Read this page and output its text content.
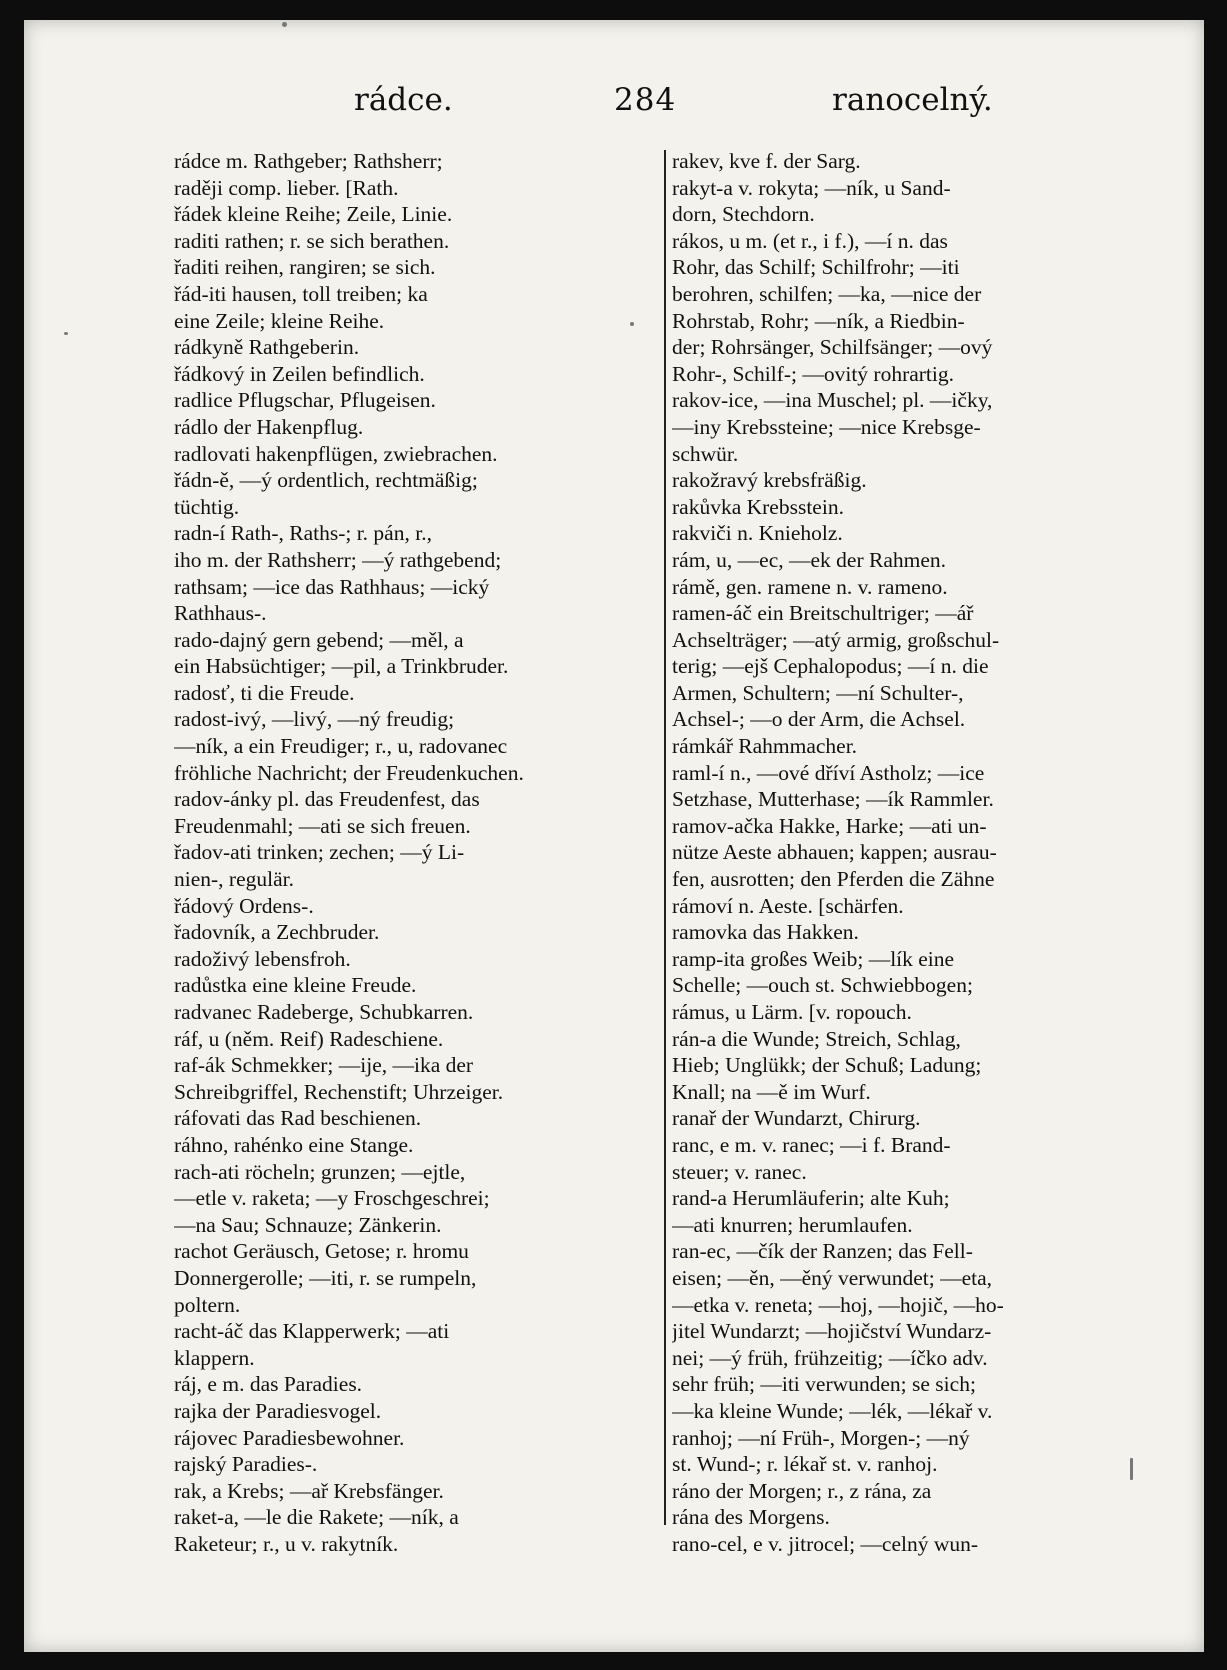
rádce.	284	ranocelný.
rádce m. Rathgeber; Rathsherr;
raději comp. lieber. [Rath.
řádek kleine Reihe; Zeile, Linie.
raditi rathen; r. se sich berathen.
řaditi reihen, rangiren; se sich.
řád-iti hausen, toll treiben; ka
eine Zeile; kleine Reihe.
rádkyně Rathgeberin.
řádkový in Zeilen befindlich.
radlice Pflugschar, Pflugeisen.
rádlo der Hakenpflug.
radlovati hakenpflügen, zwiebrachen.
řádn-ě, —ý ordentlich, rechtmäßig;
tüchtig.
radn-í Rath-, Raths-; r. pán, r.,
iho m. der Rathsherr; —ý rathgebend;
rathsam; —ice das Rathhaus; —ický
Rathhaus-.
rado-dajný gern gebend; —měl, a
ein Habsüchtiger; —pil, a Trinkbruder.
radosť, ti die Freude.
radost-ivý, —livý, —ný freudig;
—ník, a ein Freudiger; r., u, radovanec
fröhliche Nachricht; der Freudenkuchen.
radov-ánky pl. das Freudenfest, das
Freudenmahl; —ati se sich freuen.
řadov-ati trinken; zechen; —ý Li-
nien-, regulär.
řádový Ordens-.
řadovník, a Zechbruder.
radoživý lebensfroh.
radůstka eine kleine Freude.
radvanec Radeberge, Schubkarren.
ráf, u (něm. Reif) Radeschiene.
raf-ák Schmekker; —ije, —ika der
Schreibgriffel, Rechenstift; Uhrzeiger.
ráfovati das Rad beschienen.
ráhno, rahénko eine Stange.
rach-ati röcheln; grunzen; —ejtle,
—etle v. raketa; —y Froschgeschrei;
—na Sau; Schnauze; Zänkerin.
rachot Geräusch, Getose; r. hromu
Donnergerolle; —iti, r. se rumpeln,
poltern.
racht-áč das Klapperwerk; —ati
klappern.
ráj, e m. das Paradies.
rajka der Paradiesvogel.
rájovec Paradiesbewohner.
rajský Paradies-.
rak, a Krebs; —ař Krebsfänger.
raket-a, —le die Rakete; —ník, a
Raketeur; r., u v. rakytník.
rakev, kve f. der Sarg.
rakyt-a v. rokyta; —ník, u Sand-
dorn, Stechdorn.
rákos, u m. (et r., i f.), —í n. das
Rohr, das Schilf; Schilfrohr; —iti
berohren, schilfen; —ka, —nice der
Rohrstab, Rohr; —ník, a Riedbin-
der; Rohrsänger, Schilfsänger; —ový
Rohr-, Schilf-; —ovitý rohrartig.
rakov-ice, —ina Muschel; pl. —ičky,
—iny Krebssteine; —nice Krebsge-
schwür.
rakožravý krebsfräßig.
rakůvka Krebsstein.
rakviči n. Knieholz.
rám, u, —ec, —ek der Rahmen.
rámě, gen. ramene n. v. rameno.
ramen-áč ein Breitschultriger; —ář
Achselträger; —atý armig, großschul-
terig; —ejš Cephalopodus; —í n. die
Armen, Schultern; —ní Schulter-,
Achsel-; —o der Arm, die Achsel.
rámkář Rahmmacher.
raml-í n., —ové dříví Astholz; —ice
Setzhase, Mutterhase; —ík Rammler.
ramov-ačka Hakke, Harke; —ati un-
nütze Aeste abhauen; kappen; ausrau-
fen, ausrotten; den Pferden die Zähne
rámoví n. Aeste. [schärfen.
ramovka das Hakken.
ramp-ita großes Weib; —lík eine
Schelle; —ouch st. Schwiebbogen;
rámus, u Lärm. [v. ropouch.
rán-a die Wunde; Streich, Schlag,
Hieb; Unglükk; der Schuß; Ladung;
Knall; na —ě im Wurf.
ranař der Wundarzt, Chirurg.
ranc, e m. v. ranec; —i f. Brand-
steuer; v. ranec.
rand-a Herumläuferin; alte Kuh;
—ati knurren; herumlaufen.
ran-ec, —čík der Ranzen; das Fell-
eisen; —ěn, —ěný verwundet; —eta,
—etka v. reneta; —hoj, —hojič, —ho-
jitel Wundarzt; —hojičství Wundarz-
nei; —ý früh, frühzeitig; —íčko adv.
sehr früh; —iti verwunden; se sich;
—ka kleine Wunde; —lék, —lékař v.
ranhoj; —ní Früh-, Morgen-; —ný
st. Wund-; r. lékař st. v. ranhoj.
ráno der Morgen; r., z rána, za
rána des Morgens.
rano-cel, e v. jitrocel; —celný wun-
